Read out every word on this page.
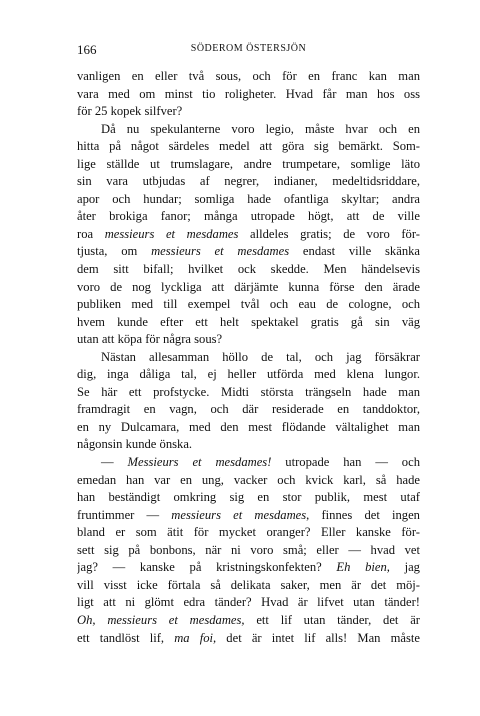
166	SÖDEROM ÖSTERSJÖN
vanligen en eller två sous, och för en franc kan man
vara med om minst tio roligheter. Hvad får man hos oss
för 25 kopek silfver?
Då nu spekulanterne voro legio, måste hvar och en
hitta på något särdeles medel att göra sig bemärkt. Som-
lige ställde ut trumslagare, andre trumpetare, somlige läto
sin vara utbjudas af negrer, indianer, medeltidsriddare,
apor och hundar; somliga hade ofantliga skyltar; andra
åter brokiga fanor; många utropade högt, att de ville
roa messieurs et mesdames alldeles gratis; de voro för-
tjusta, om messieurs et mesdames endast ville skänka
dem sitt bifall; hvilket ock skedde. Men händelsevis
voro de nog lyckliga att därjämte kunna förse den ärade
publiken med till exempel tvål och eau de cologne, och
hvem kunde efter ett helt spektakel gratis gå sin väg
utan att köpa för några sous?
Nästan allesamman höllo de tal, och jag försäkrar
dig, inga dåliga tal, ej heller utförda med klena lungor.
Se här ett profstycke. Midti största trängseln hade man
framdragit en vagn, och där residerade en tanddoktor,
en ny Dulcamara, med den mest flödande vältalighet man
någonsin kunde önska.
— Messieurs et mesdames! utropade han — och
emedan han var en ung, vacker och kvick karl, så hade
han beständigt omkring sig en stor publik, mest utaf
fruntimmer — messieurs et mesdames, finnes det ingen
bland er som ätit för mycket oranger? Eller kanske för-
sett sig på bonbons, när ni voro små; eller — hvad vet
jag? — kanske på kristningskonfekten? Eh bien, jag
vill visst icke förtala så delikata saker, men är det möj-
ligt att ni glömt edra tänder? Hvad är lifvet utan tänder!
Oh, messieurs et mesdames, ett lif utan tänder, det är
ett tandlöst lif, ma foi, det är intet lif alls! Man måste
